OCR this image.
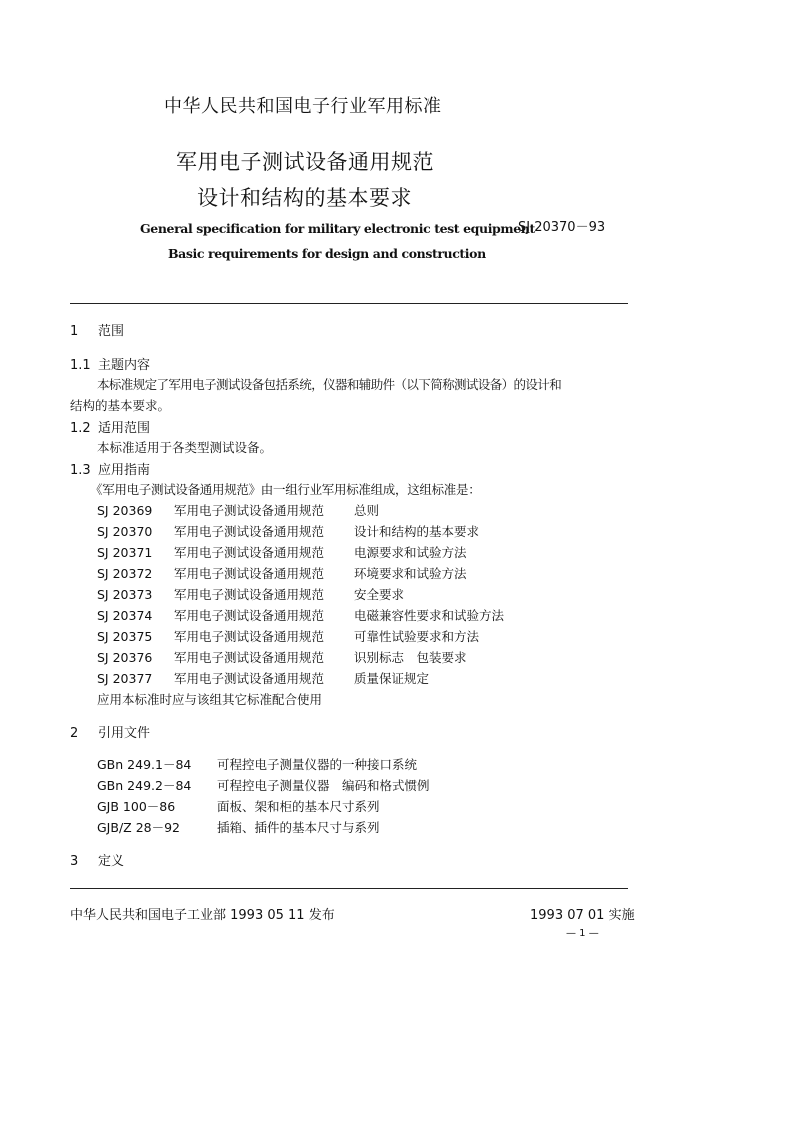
中华人民共和国电子行业军用标准
军用电子测试设备通用规范
设计和结构的基本要求
General specification for military electronic test equipment
SJ 20370－93
Basic requirements for design and construction
1 范围
1.1 主题内容
本标准规定了军用电子测试设备包括系统，仪器和辅助件（以下简称测试设备）的设计和
结构的基本要求。
1.2 适用范围
本标准适用于各类型测试设备。
1.3 应用指南
《军用电子测试设备通用规范》由一组行业军用标准组成，这组标准是：
SJ 20369 军用电子测试设备通用规范 总则
SJ 20370 军用电子测试设备通用规范 设计和结构的基本要求
SJ 20371 军用电子测试设备通用规范 电源要求和试验方法
SJ 20372 军用电子测试设备通用规范 环境要求和试验方法
SJ 20373 军用电子测试设备通用规范 安全要求
SJ 20374 军用电子测试设备通用规范 电磁兼容性要求和试验方法
SJ 20375 军用电子测试设备通用规范 可靠性试验要求和方法
SJ 20376 军用电子测试设备通用规范 识别标志　包装要求
SJ 20377 军用电子测试设备通用规范 质量保证规定
应用本标准时应与该组其它标准配合使用
2 引用文件
GBn 249.1－84 可程控电子测量仪器的一种接口系统
GBn 249.2－84 可程控电子测量仪器　编码和格式惯例
GJB 100－86	面板、架和柜的基本尺寸系列
GJB/Z 28－92	插箱、插件的基本尺寸与系列
3 定义
中华人民共和国电子工业部 1993 05 11 发布	1993 07 01 实施
— 1 —
